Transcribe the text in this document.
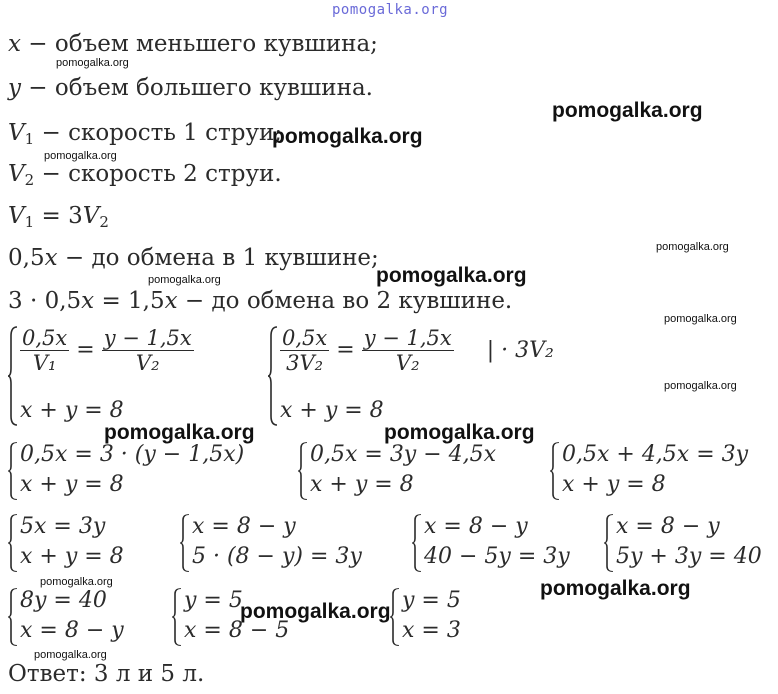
pomogalka.org
x − объем меньшего кувшина;
y − объем большего кувшина.
$V_1$ − скорость 1 струи;
$V_2$ − скорость 2 струи.
$V_1 = 3V_2$
0,5x − до обмена в 1 кувшине;
3 · 0,5x = 1,5x − до обмена во 2 кувшине.
$\frac{0,5x}{\text{V₁}} = \frac{y - 1,5x}{\text{V₂}}$
x + y = 8
$\frac{0,5x}{\text{3V₂}} = \frac{y - 1,5x}{\text{V₂}}$ | · 3V₂
x + y = 8
0,5x = 3 · (y − 1,5x)
x + y = 8
0,5x = 3y − 4,5x
x + y = 8
0,5x + 4,5x = 3y
x + y = 8
5x = 3y
x + y = 8
x = 8 − y
5 · (8 − y) = 3y
x = 8 − y
40 − 5y = 3y
x = 8 − y
5y + 3y = 40
8y = 40
x = 8 − y
y = 5
x = 8 − 5
y = 5
x = 3
Ответ: 3 л и 5 л.
pomogalka.org
pomogalka.org
pomogalka.org
pomogalka.org
pomogalka.org
pomogalka.org
pomogalka.org
pomogalka.org
pomogalka.org
pomogalka.org	pomogalka.org
pomogalka.org	pomogalka.org
pomogalka.org
pomogalka.org
